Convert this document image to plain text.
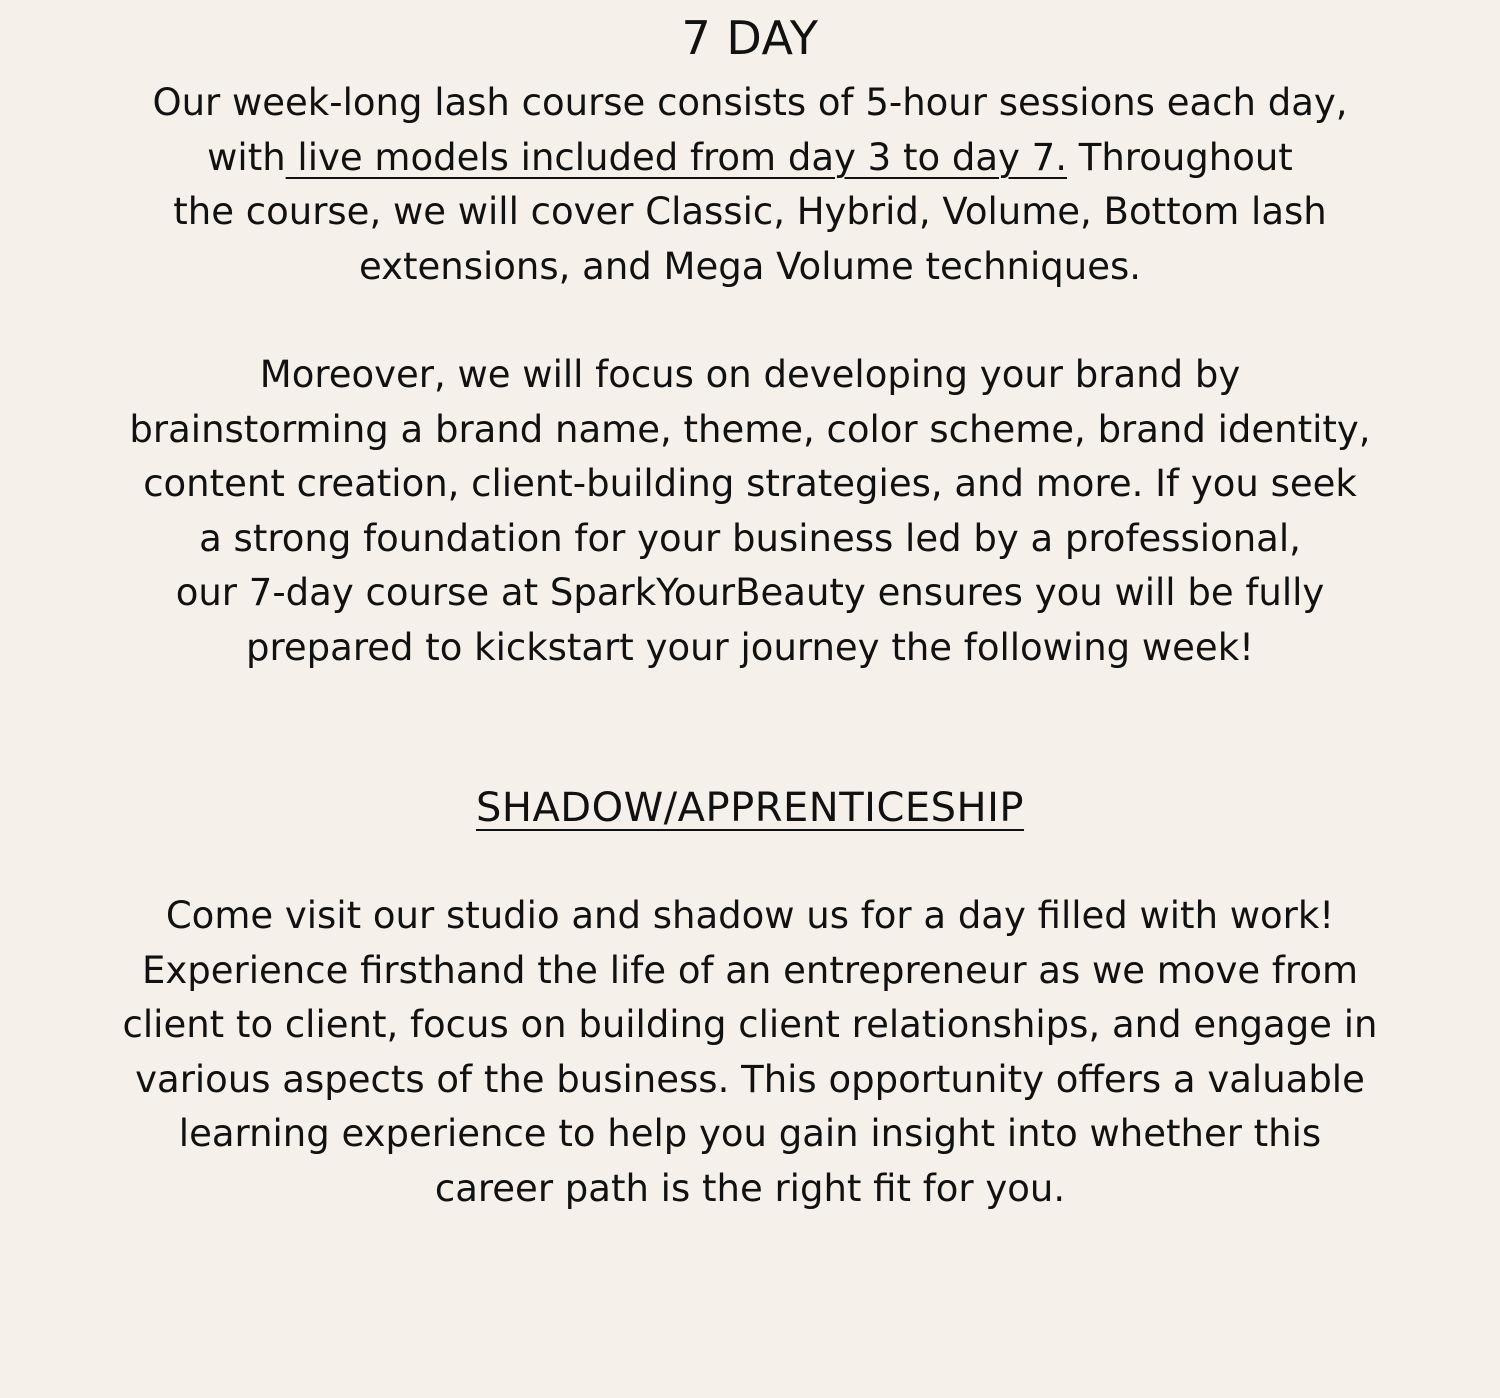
7 DAY

Our week-long lash course consists of 5-hour sessions each day,
with live models included from day 3 to day 7. Throughout
the course, we will cover Classic, Hybrid, Volume, Bottom lash
extensions, and Mega Volume techniques.

Moreover, we will focus on developing your brand by
brainstorming a brand name, theme, color scheme, brand identity,
content creation, client-building strategies, and more. If you seek
a strong foundation for your business led by a professional,
our 7-day course at SparkYourBeauty ensures you will be fully
prepared to kickstart your journey the following week!

SHADOW/APPRENTICESHIP

Come visit our studio and shadow us for a day filled with work!
Experience firsthand the life of an entrepreneur as we move from
client to client, focus on building client relationships, and engage in
various aspects of the business. This opportunity offers a valuable
learning experience to help you gain insight into whether this
career path is the right fit for you.
